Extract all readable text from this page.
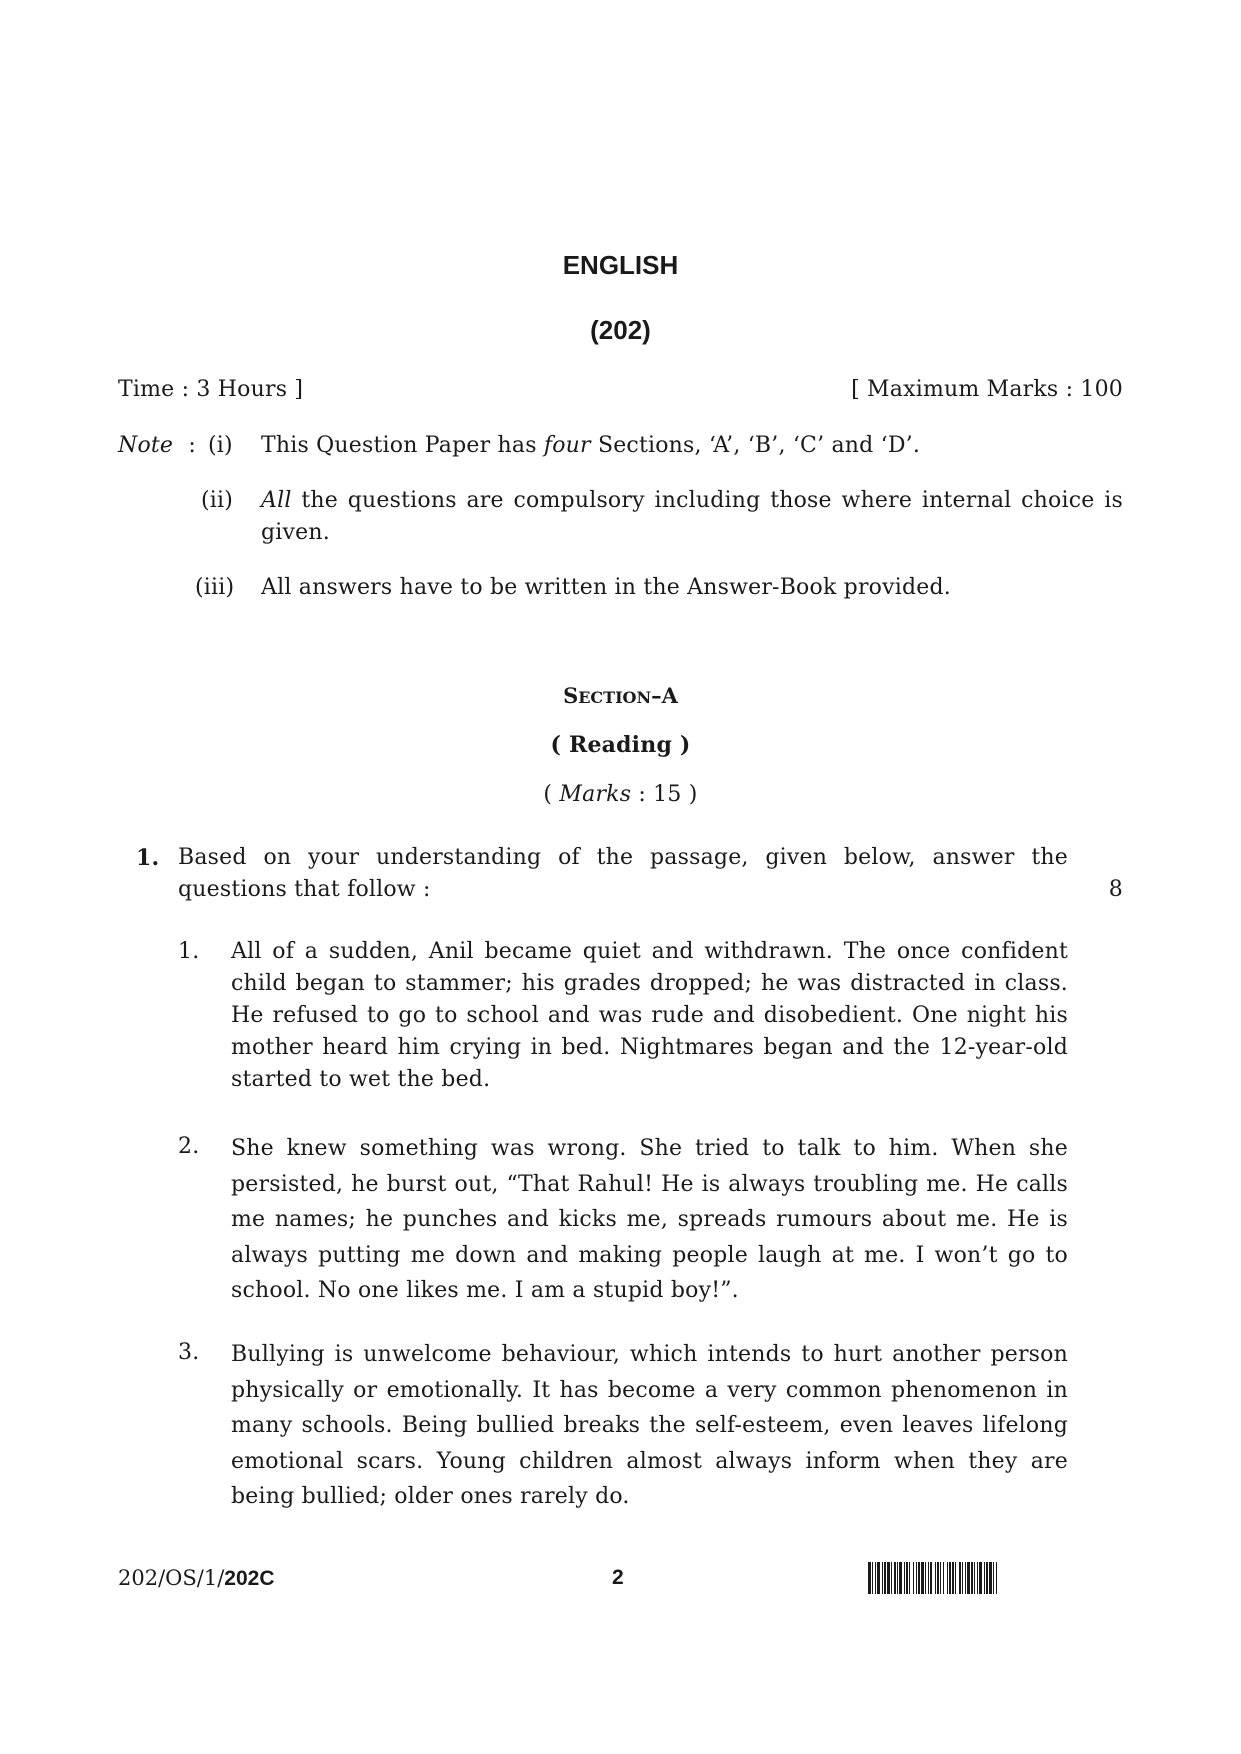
ENGLISH
(202)
Time : 3 Hours ]	[ Maximum Marks : 100
Note : (i) This Question Paper has four Sections, ‘A’, ‘B’, ‘C’ and ‘D’.
(ii) All the questions are compulsory including those where internal choice is given.
(iii) All answers have to be written in the Answer-Book provided.
SECTION–A
( Reading )
( Marks : 15 )
1. Based on your understanding of the passage, given below, answer the questions that follow :	8
1. All of a sudden, Anil became quiet and withdrawn. The once confident child began to stammer; his grades dropped; he was distracted in class. He refused to go to school and was rude and disobedient. One night his mother heard him crying in bed. Nightmares began and the 12-year-old started to wet the bed.
2. She knew something was wrong. She tried to talk to him. When she persisted, he burst out, “That Rahul! He is always troubling me. He calls me names; he punches and kicks me, spreads rumours about me. He is always putting me down and making people laugh at me. I won’t go to school. No one likes me. I am a stupid boy!”.
3. Bullying is unwelcome behaviour, which intends to hurt another person physically or emotionally. It has become a very common phenomenon in many schools. Being bullied breaks the self-esteem, even leaves lifelong emotional scars. Young children almost always inform when they are being bullied; older ones rarely do.
202/OS/1/202C	2
